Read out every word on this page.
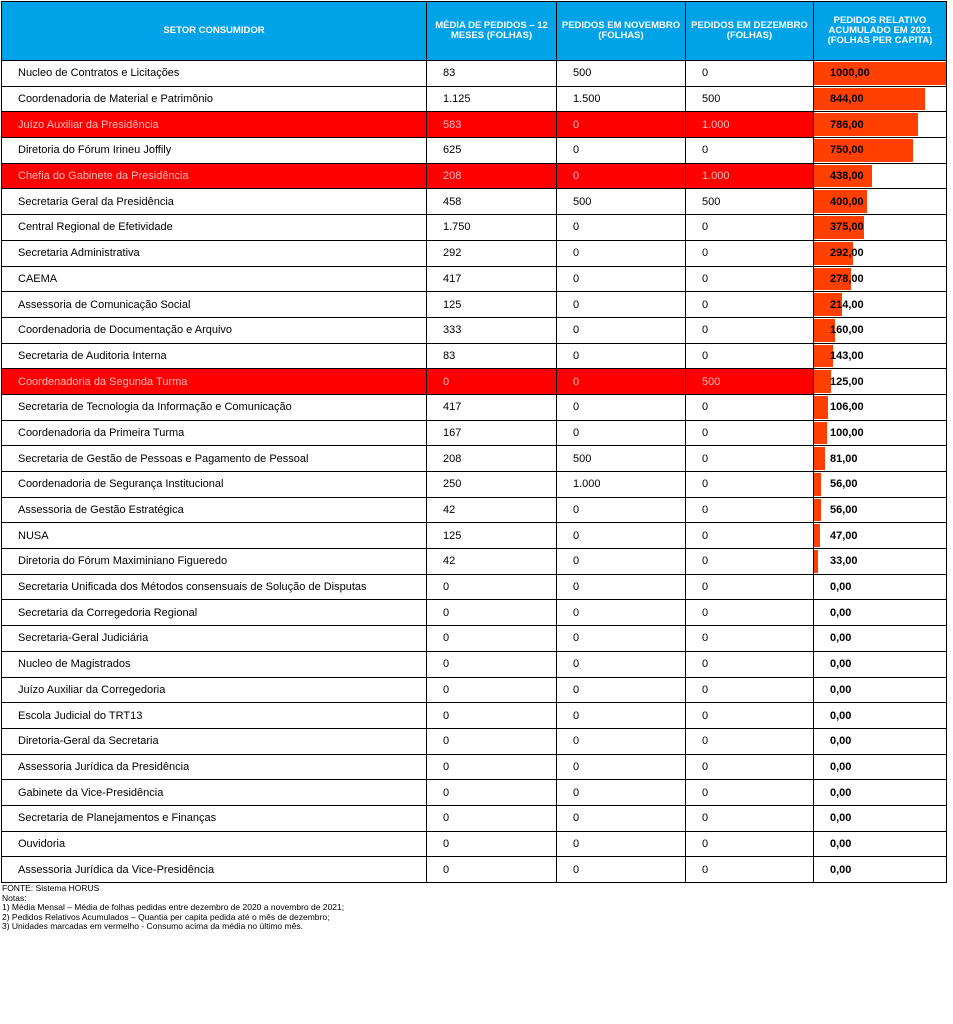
SETOR CONSUMIDOR	MÉDIA DE PEDIDOS – 12 MESES (FOLHAS)	PEDIDOS EM NOVEMBRO (FOLHAS)	PEDIDOS EM DEZEMBRO (FOLHAS)	PEDIDOS RELATIVO ACUMULADO EM 2021 (FOLHAS PER CAPITA)
Nucleo de Contratos e Licitações	83	500	0	1000,00

Coordenadoria de Material e Patrimônio	1.125	1.500	500	844,00

Juízo Auxiliar da Presidência	583	0	1.000	786,00

Diretoria do Fórum Irineu Joffily	625	0	0	750,00

Chefia do Gabinete da Presidência	208	0	1.000	438,00

Secretaria Geral da Presidência	458	500	500	400,00

Central Regional de Efetividade	1.750	0	0	375,00

Secretaria Administrativa	292	0	0	292,00

CAEMA	417	0	0	278,00

Assessoria de Comunicação Social	125	0	0	214,00

Coordenadoria de Documentação e Arquivo	333	0	0	160,00

Secretaria de Auditoria Interna	83	0	0	143,00

Coordenadoria da Segunda Turma	0	0	500	125,00

Secretaria de Tecnologia da Informação e Comunicação	417	0	0	106,00

Coordenadoria da Primeira Turma	167	0	0	100,00

Secretaria de Gestão de Pessoas e Pagamento de Pessoal	208	500	0	81,00

Coordenadoria de Segurança Institucional	250	1.000	0	56,00

Assessoria de Gestão Estratégica	42	0	0	56,00

NUSA	125	0	0	47,00

Diretoria do Fórum Maximiniano Figueredo	42	0	0	33,00

Secretaria Unificada dos Métodos consensuais de Solução de Disputas	0	0	0	0,00

Secretaria da Corregedoria Regional	0	0	0	0,00

Secretaria-Geral Judiciária	0	0	0	0,00

Nucleo de Magistrados	0	0	0	0,00

Juízo Auxiliar da Corregedoria	0	0	0	0,00

Escola Judicial do TRT13	0	0	0	0,00

Diretoria-Geral da Secretaria	0	0	0	0,00

Assessoria Jurídica da Presidência	0	0	0	0,00

Gabinete da Vice-Presidência	0	0	0	0,00

Secretaria de Planejamentos e Finanças	0	0	0	0,00

Ouvidoria	0	0	0	0,00

Assessoria Jurídica da Vice-Presidência	0	0	0	0,00
FONTE: Sistema HORUS
Notas:
1) Média Mensal – Média de folhas pedidas entre dezembro de 2020 a novembro de 2021;
2) Pedidos Relativos Acumulados – Quantia per capita pedida até o mês de dezembro;
3) Unidades marcadas em vermelho - Consumo acima da média no último mês.
